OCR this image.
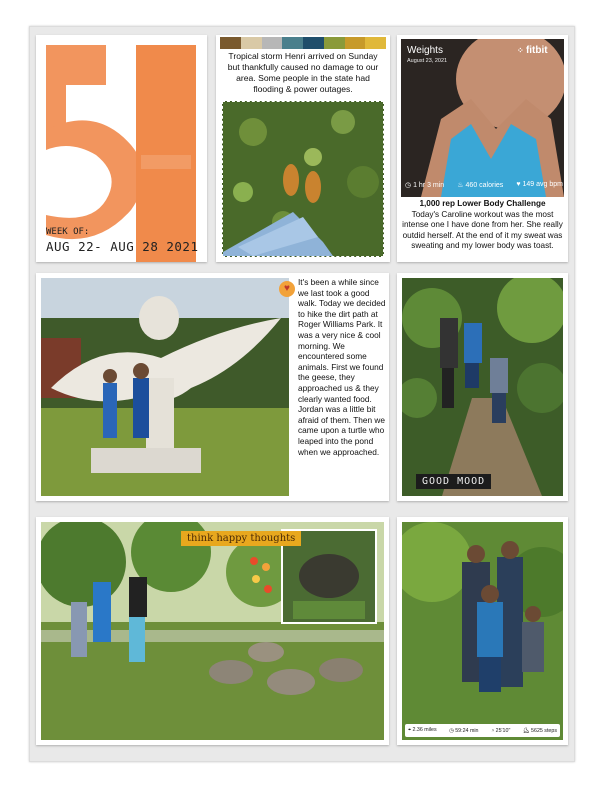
WEEK OF:
AUG 22- AUG 28 2021
Tropical storm Henri arrived on Sunday but thankfully caused no damage to our area. Some people in the state had flooding & power outages.
Weights
August 23, 2021
⁘ fitbit
◷ 1 hr 3 min ♨ 460 calories ♥ 149 avg bpm
1,000 rep Lower Body Challenge
Today's Caroline workout was the most intense one I have done from her. She really outdid herself. At the end of it my sweat was sweating and my lower body was toast.
♥
It's been a while since we last took a good walk. Today we decided to hike the dirt path at Roger Williams Park. It was a very nice & cool morning. We encountered some animals. First we found the geese, they approached us & they clearly wanted food. Jordan was a little bit afraid of them. Then we came upon a turtle who leaped into the pond when we approached.
GOOD MOOD
think happy thoughts
⌖ 2.36 miles ◷ 59:24 min ◔ 25'10" ⛸ 5625 steps
